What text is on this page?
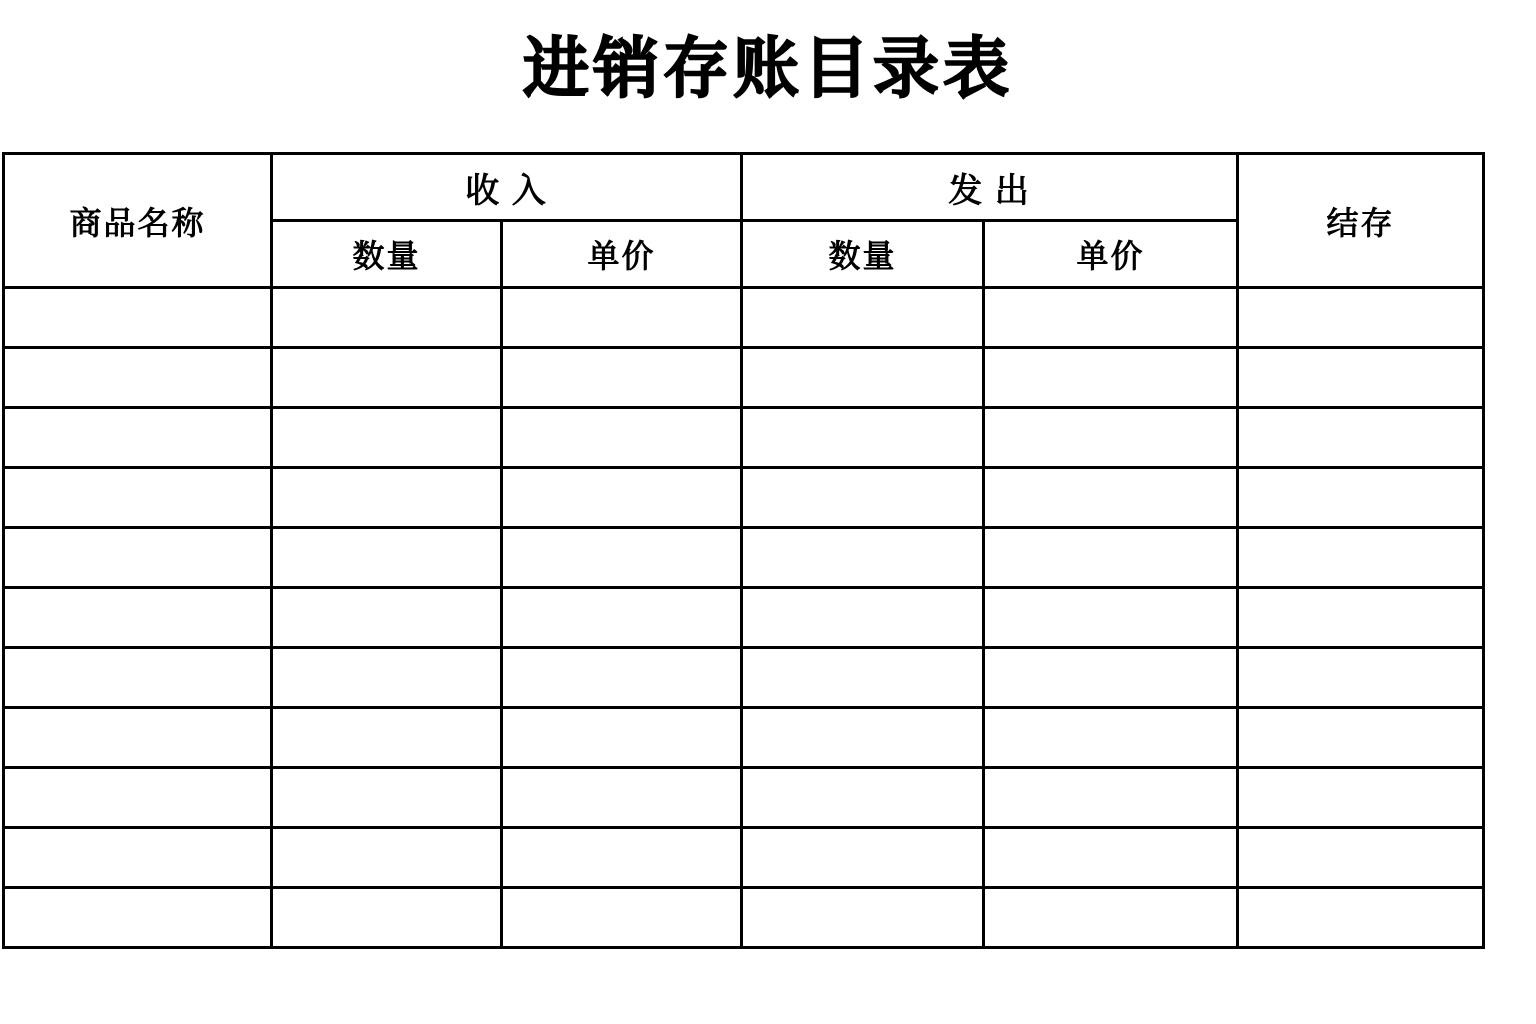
进销存账目录表
商品名称	收 入		发 出		结存
	数量	单价	数量	单价	
